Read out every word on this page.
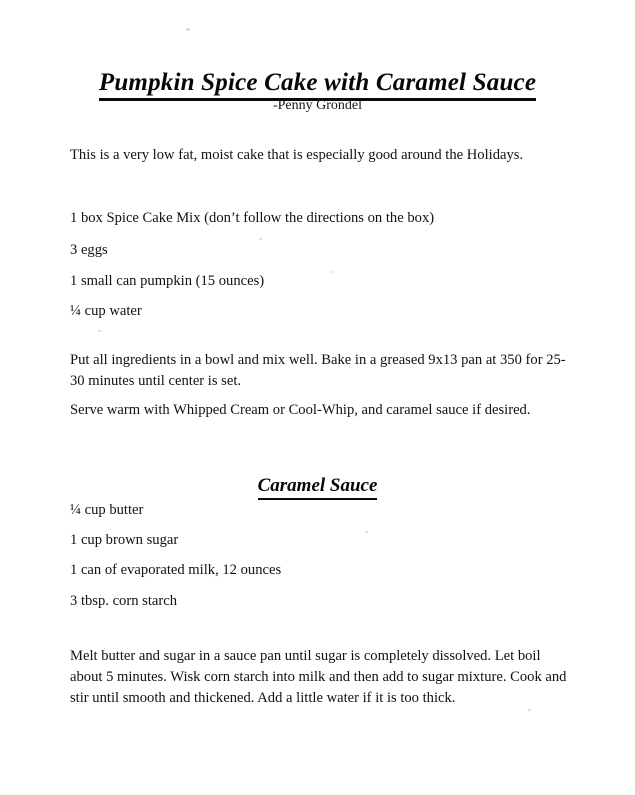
Pumpkin Spice Cake with Caramel Sauce
-Penny Grondel
This is a very low fat, moist cake that is especially good around the Holidays.
1 box Spice Cake Mix (don’t follow the directions on the box)
3 eggs
1 small can pumpkin (15 ounces)
¼ cup water
Put all ingredients in a bowl and mix well. Bake in a greased 9x13 pan at 350 for 25-30 minutes until center is set.
Serve warm with Whipped Cream or Cool-Whip, and caramel sauce if desired.
Caramel Sauce
¼ cup butter
1 cup brown sugar
1 can of evaporated milk, 12 ounces
3 tbsp. corn starch
Melt butter and sugar in a sauce pan until sugar is completely dissolved. Let boil about 5 minutes. Wisk corn starch into milk and then add to sugar mixture. Cook and stir until smooth and thickened. Add a little water if it is too thick.
